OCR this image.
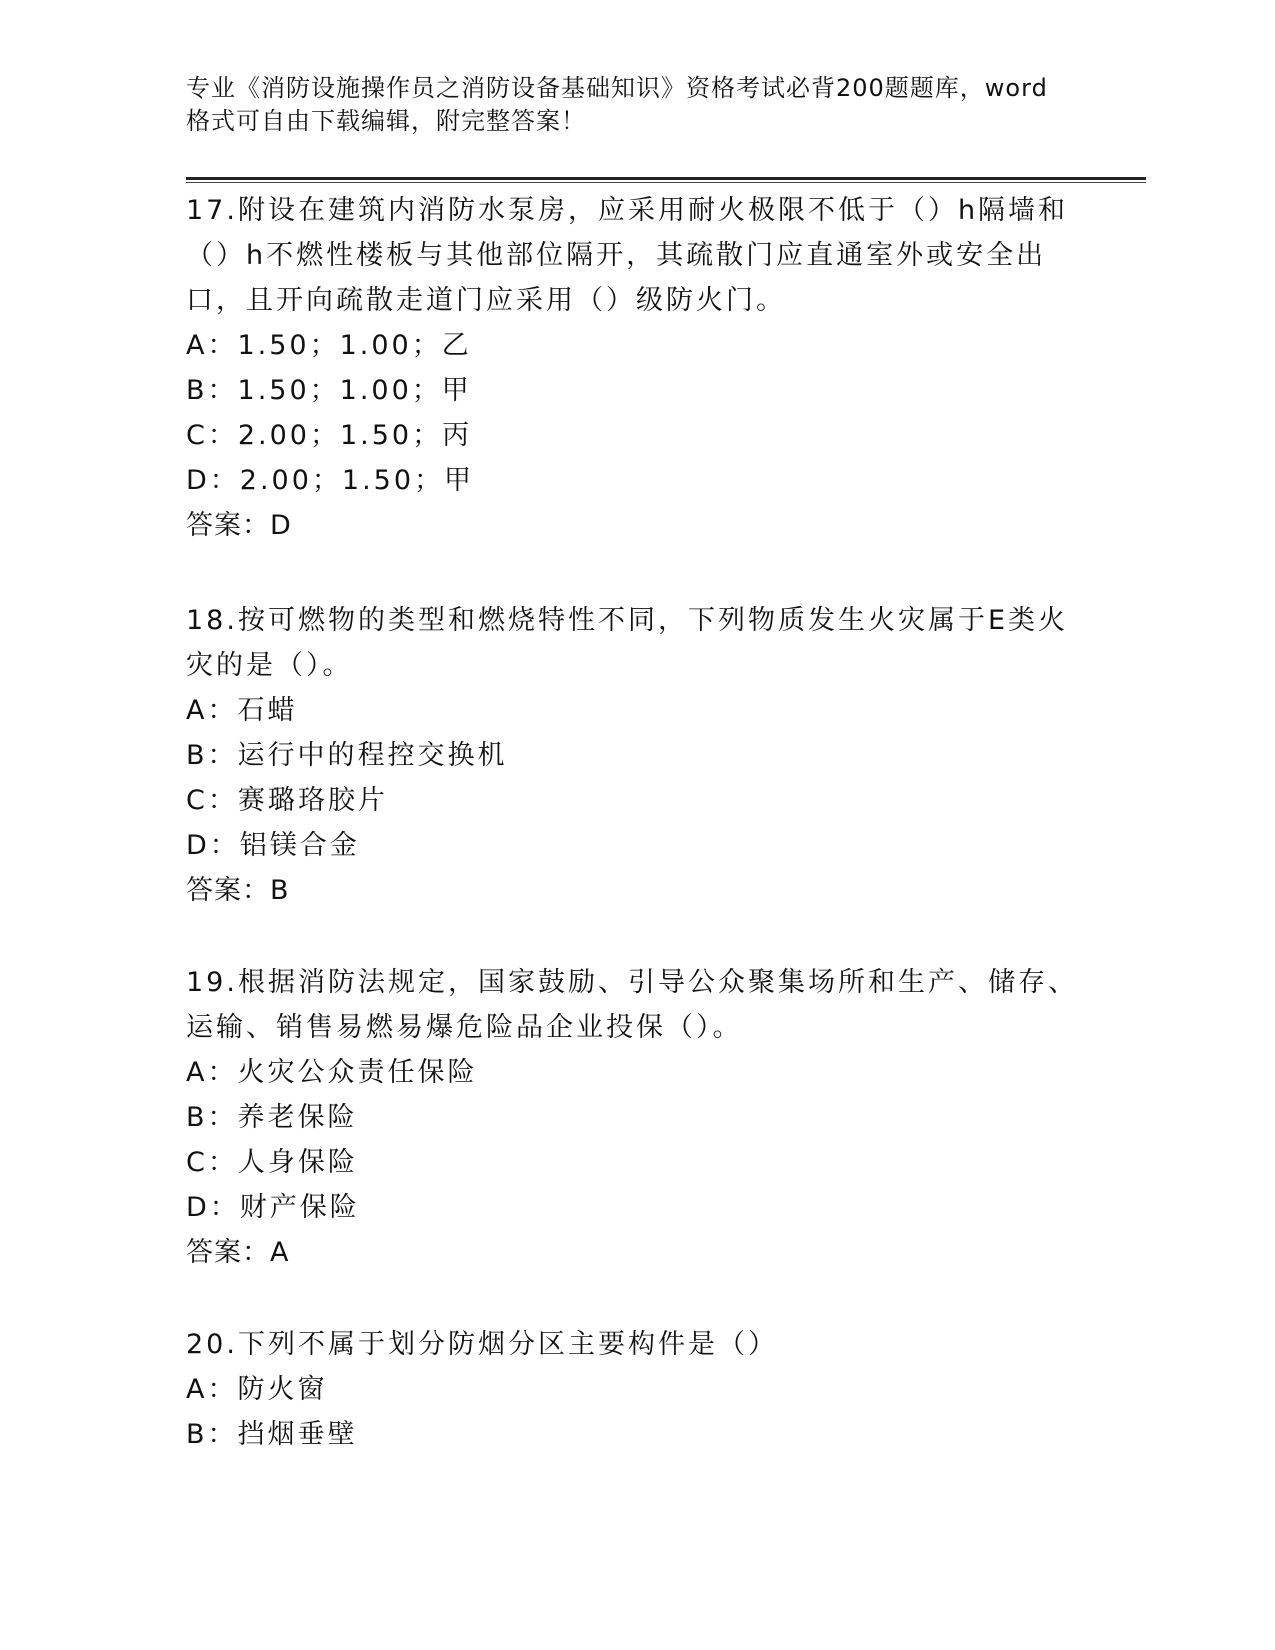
专业《消防设施操作员之消防设备基础知识》资格考试必背200题题库，word格式可自由下载编辑，附完整答案！

17.附设在建筑内消防水泵房，应采用耐火极限不低于（）h隔墙和（）h不燃性楼板与其他部位隔开，其疏散门应直通室外或安全出口，且开向疏散走道门应采用（）级防火门。

A：1.50；1.00；乙

B：1.50；1.00；甲

C：2.00；1.50；丙

D：2.00；1.50；甲

答案：D

18.按可燃物的类型和燃烧特性不同，下列物质发生火灾属于E类火灾的是（）。

A：石蜡

B：运行中的程控交换机

C：赛璐珞胶片

D：铝镁合金

答案：B

19.根据消防法规定，国家鼓励、引导公众聚集场所和生产、储存、运输、销售易燃易爆危险品企业投保（）。

A：火灾公众责任保险

B：养老保险

C：人身保险

D：财产保险

答案：A

20.下列不属于划分防烟分区主要构件是（）

A：防火窗

B：挡烟垂壁
